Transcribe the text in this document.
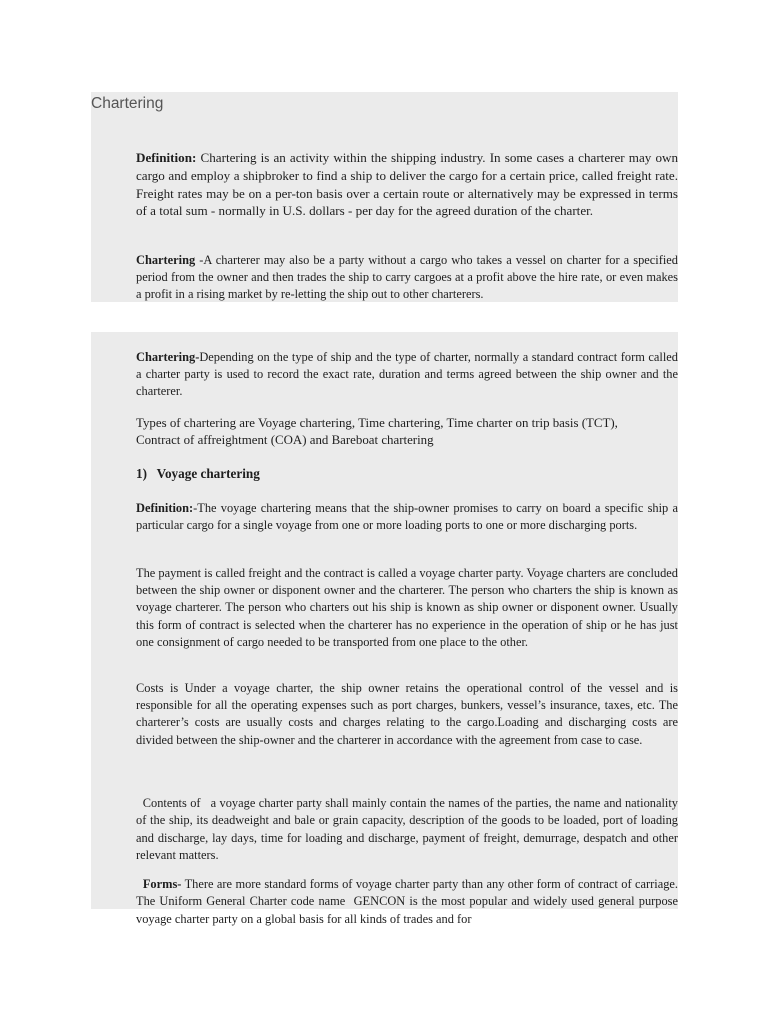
Chartering

Definition: Chartering is an activity within the shipping industry. In some cases a charterer may own cargo and employ a shipbroker to find a ship to deliver the cargo for a certain price, called freight rate. Freight rates may be on a per-ton basis over a certain route or alternatively may be expressed in terms of a total sum - normally in U.S. dollars - per day for the agreed duration of the charter.

Chartering -A charterer may also be a party without a cargo who takes a vessel on charter for a specified period from the owner and then trades the ship to carry cargoes at a profit above the hire rate, or even makes a profit in a rising market by re-letting the ship out to other charterers.

Chartering-Depending on the type of ship and the type of charter, normally a standard contract form called a charter party is used to record the exact rate, duration and terms agreed between the ship owner and the charterer.

Types of chartering are Voyage chartering, Time chartering, Time charter on trip basis (TCT), Contract of affreightment (COA) and Bareboat chartering

1)   Voyage chartering

Definition:-The voyage chartering means that the ship-owner promises to carry on board a specific ship a particular cargo for a single voyage from one or more loading ports to one or more discharging ports.

The payment is called freight and the contract is called a voyage charter party. Voyage charters are concluded between the ship owner or disponent owner and the charterer. The person who charters the ship is known as voyage charterer. The person who charters out his ship is known as ship owner or disponent owner. Usually this form of contract is selected when the charterer has no experience in the operation of ship or he has just one consignment of cargo needed to be transported from one place to the other.

Costs is Under a voyage charter, the ship owner retains the operational control of the vessel and is responsible for all the operating expenses such as port charges, bunkers, vessel’s insurance, taxes, etc. The charterer’s costs are usually costs and charges relating to the cargo.Loading and discharging costs are divided between the ship-owner and the charterer in accordance with the agreement from case to case.

Contents of   a voyage charter party shall mainly contain the names of the parties, the name and nationality of the ship, its deadweight and bale or grain capacity, description of the goods to be loaded, port of loading and discharge, lay days, time for loading and discharge, payment of freight, demurrage, despatch and other relevant matters.

Forms- There are more standard forms of voyage charter party than any other form of contract of carriage. The Uniform General Charter code name  GENCON is the most popular and widely used general purpose voyage charter party on a global basis for all kinds of trades and for
